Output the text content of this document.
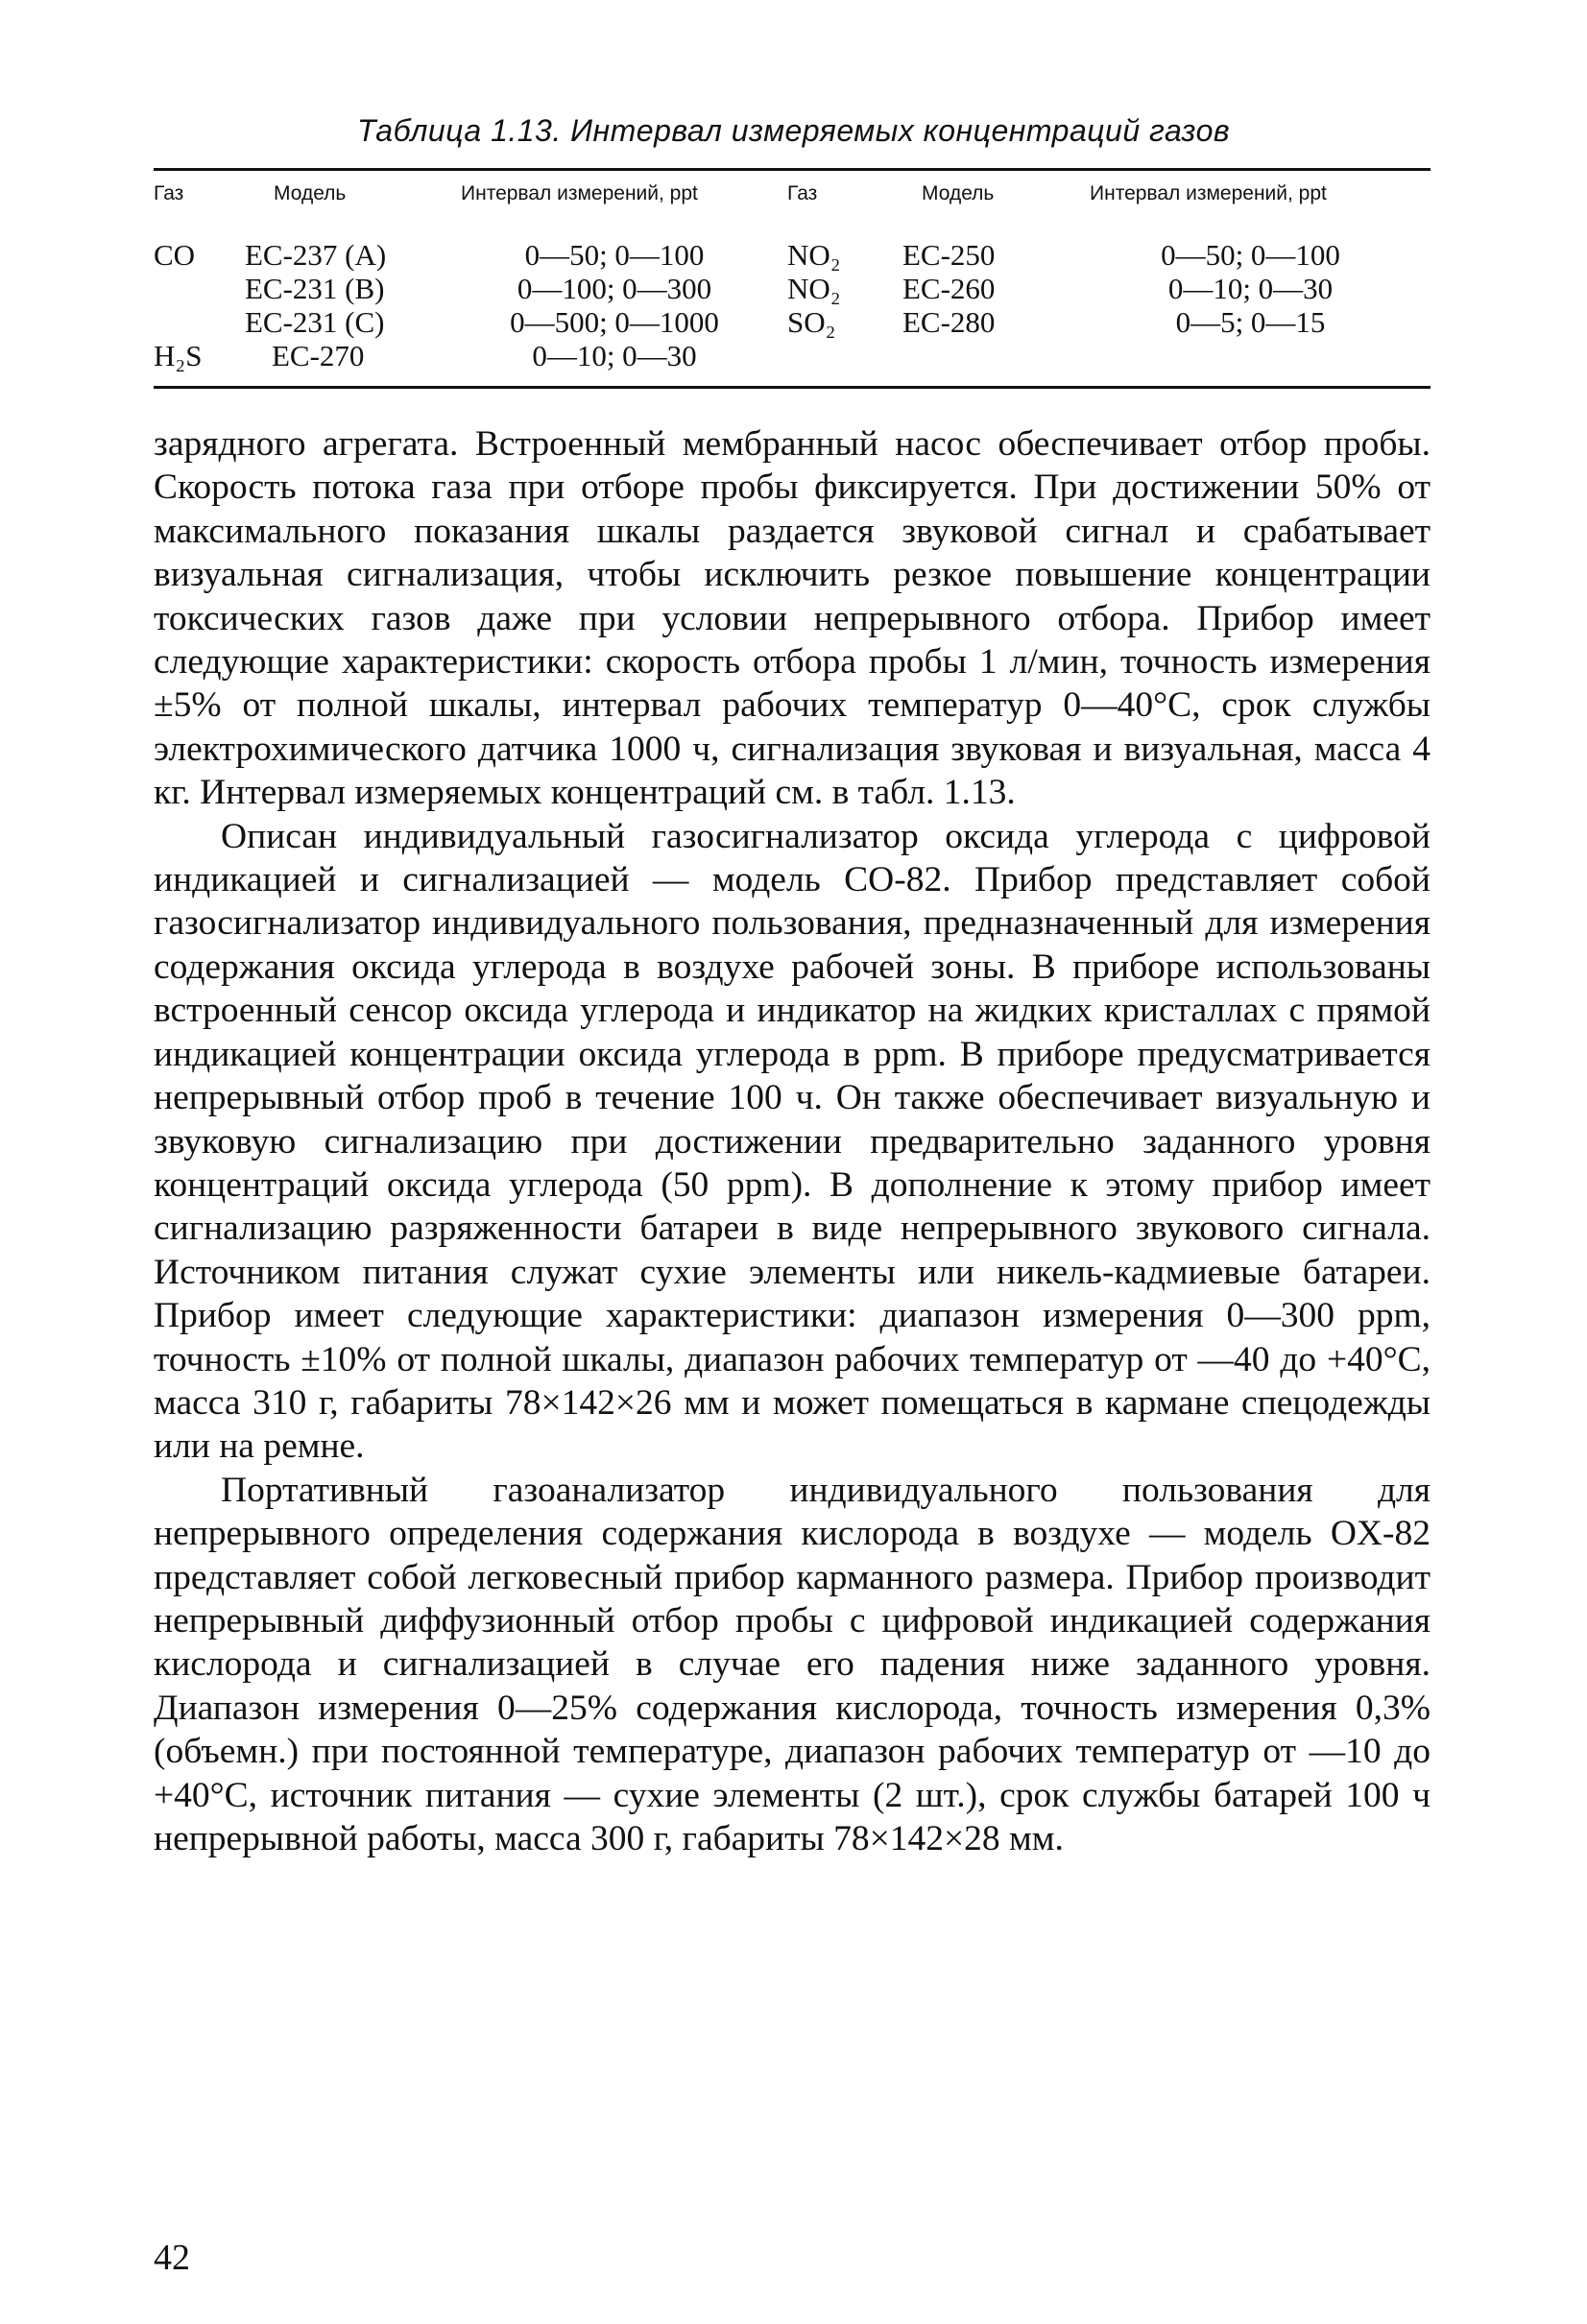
Таблица 1.13. Интервал измеряемых концентраций газов
Газ	Модель	Интервал измерений, ppt	Газ	Модель	Интервал измерений, ppt
CO	EC-237 (A)	0—50; 0—100	NO₂	EC-250	0—50; 0—100
	EC-231 (B)	0—100; 0—300	NO₂	EC-260	0—10; 0—30
	EC-231 (C)	0—500; 0—1000	SO₂	EC-280	0—5; 0—15
H₂S	EC-270	0—10; 0—30			

зарядного агрегата. Встроенный мембранный насос обеспечивает отбор пробы. Скорость потока газа при отборе пробы фиксируется. При достижении 50% от максимального показания шкалы раздается звуковой сигнал и срабатывает визуальная сигнализация, чтобы исключить резкое повышение концентрации токсических газов даже при условии непрерывного отбора. Прибор имеет следующие характеристики: скорость отбора пробы 1 л/мин, точность измерения ±5% от полной шкалы, интервал рабочих температур 0—40°C, срок службы электрохимического датчика 1000 ч, сигнализация звуковая и визуальная, масса 4 кг. Интервал измеряемых концентраций см. в табл. 1.13.

Описан индивидуальный газосигнализатор оксида углерода с цифровой индикацией и сигнализацией — модель CO-82. Прибор представляет собой газосигнализатор индивидуального пользования, предназначенный для измерения содержания оксида углерода в воздухе рабочей зоны. В приборе использованы встроенный сенсор оксида углерода и индикатор на жидких кристаллах с прямой индикацией концентрации оксида углерода в ppm. В приборе предусматривается непрерывный отбор проб в течение 100 ч. Он также обеспечивает визуальную и звуковую сигнализацию при достижении предварительно заданного уровня концентраций оксида углерода (50 ppm). В дополнение к этому прибор имеет сигнализацию разряженности батареи в виде непрерывного звукового сигнала. Источником питания служат сухие элементы или никель-кадмиевые батареи. Прибор имеет следующие характеристики: диапазон измерения 0—300 ppm, точность ±10% от полной шкалы, диапазон рабочих температур от —40 до +40°C, масса 310 г, габариты 78×142×26 мм и может помещаться в кармане спецодежды или на ремне.

Портативный газоанализатор индивидуального пользования для непрерывного определения содержания кислорода в воздухе — модель OX-82 представляет собой легковесный прибор карманного размера. Прибор производит непрерывный диффузионный отбор пробы с цифровой индикацией содержания кислорода и сигнализацией в случае его падения ниже заданного уровня. Диапазон измерения 0—25% содержания кислорода, точность измерения 0,3% (объемн.) при постоянной температуре, диапазон рабочих температур от —10 до +40°C, источник питания — сухие элементы (2 шт.), срок службы батарей 100 ч непрерывной работы, масса 300 г, габариты 78×142×28 мм.

42
